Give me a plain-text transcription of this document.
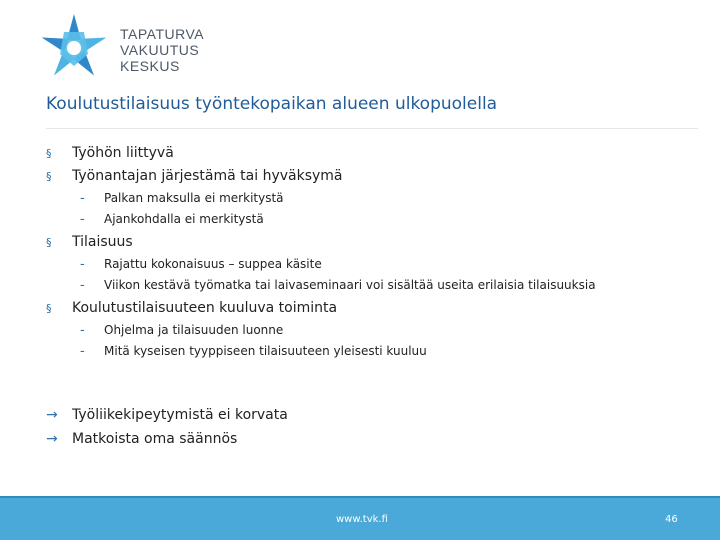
TAPATURVA
VAKUUTUS
KESKUS
Koulutustilaisuus työntekopaikan alueen ulkopuolella
§ Työhön liittyvä
§ Työnantajan järjestämä tai hyväksymä
- Palkan maksulla ei merkitystä
- Ajankohdalla ei merkitystä
§ Tilaisuus
- Rajattu kokonaisuus – suppea käsite
- Viikon kestävä työmatka tai laivaseminaari voi sisältää useita erilaisia tilaisuuksia
§ Koulutustilaisuuteen kuuluva toiminta
- Ohjelma ja tilaisuuden luonne
- Mitä kyseisen tyyppiseen tilaisuuteen yleisesti kuuluu
→ Työliikekipeytymistä ei korvata
→ Matkoista oma säännös
www.tvk.fi	46
